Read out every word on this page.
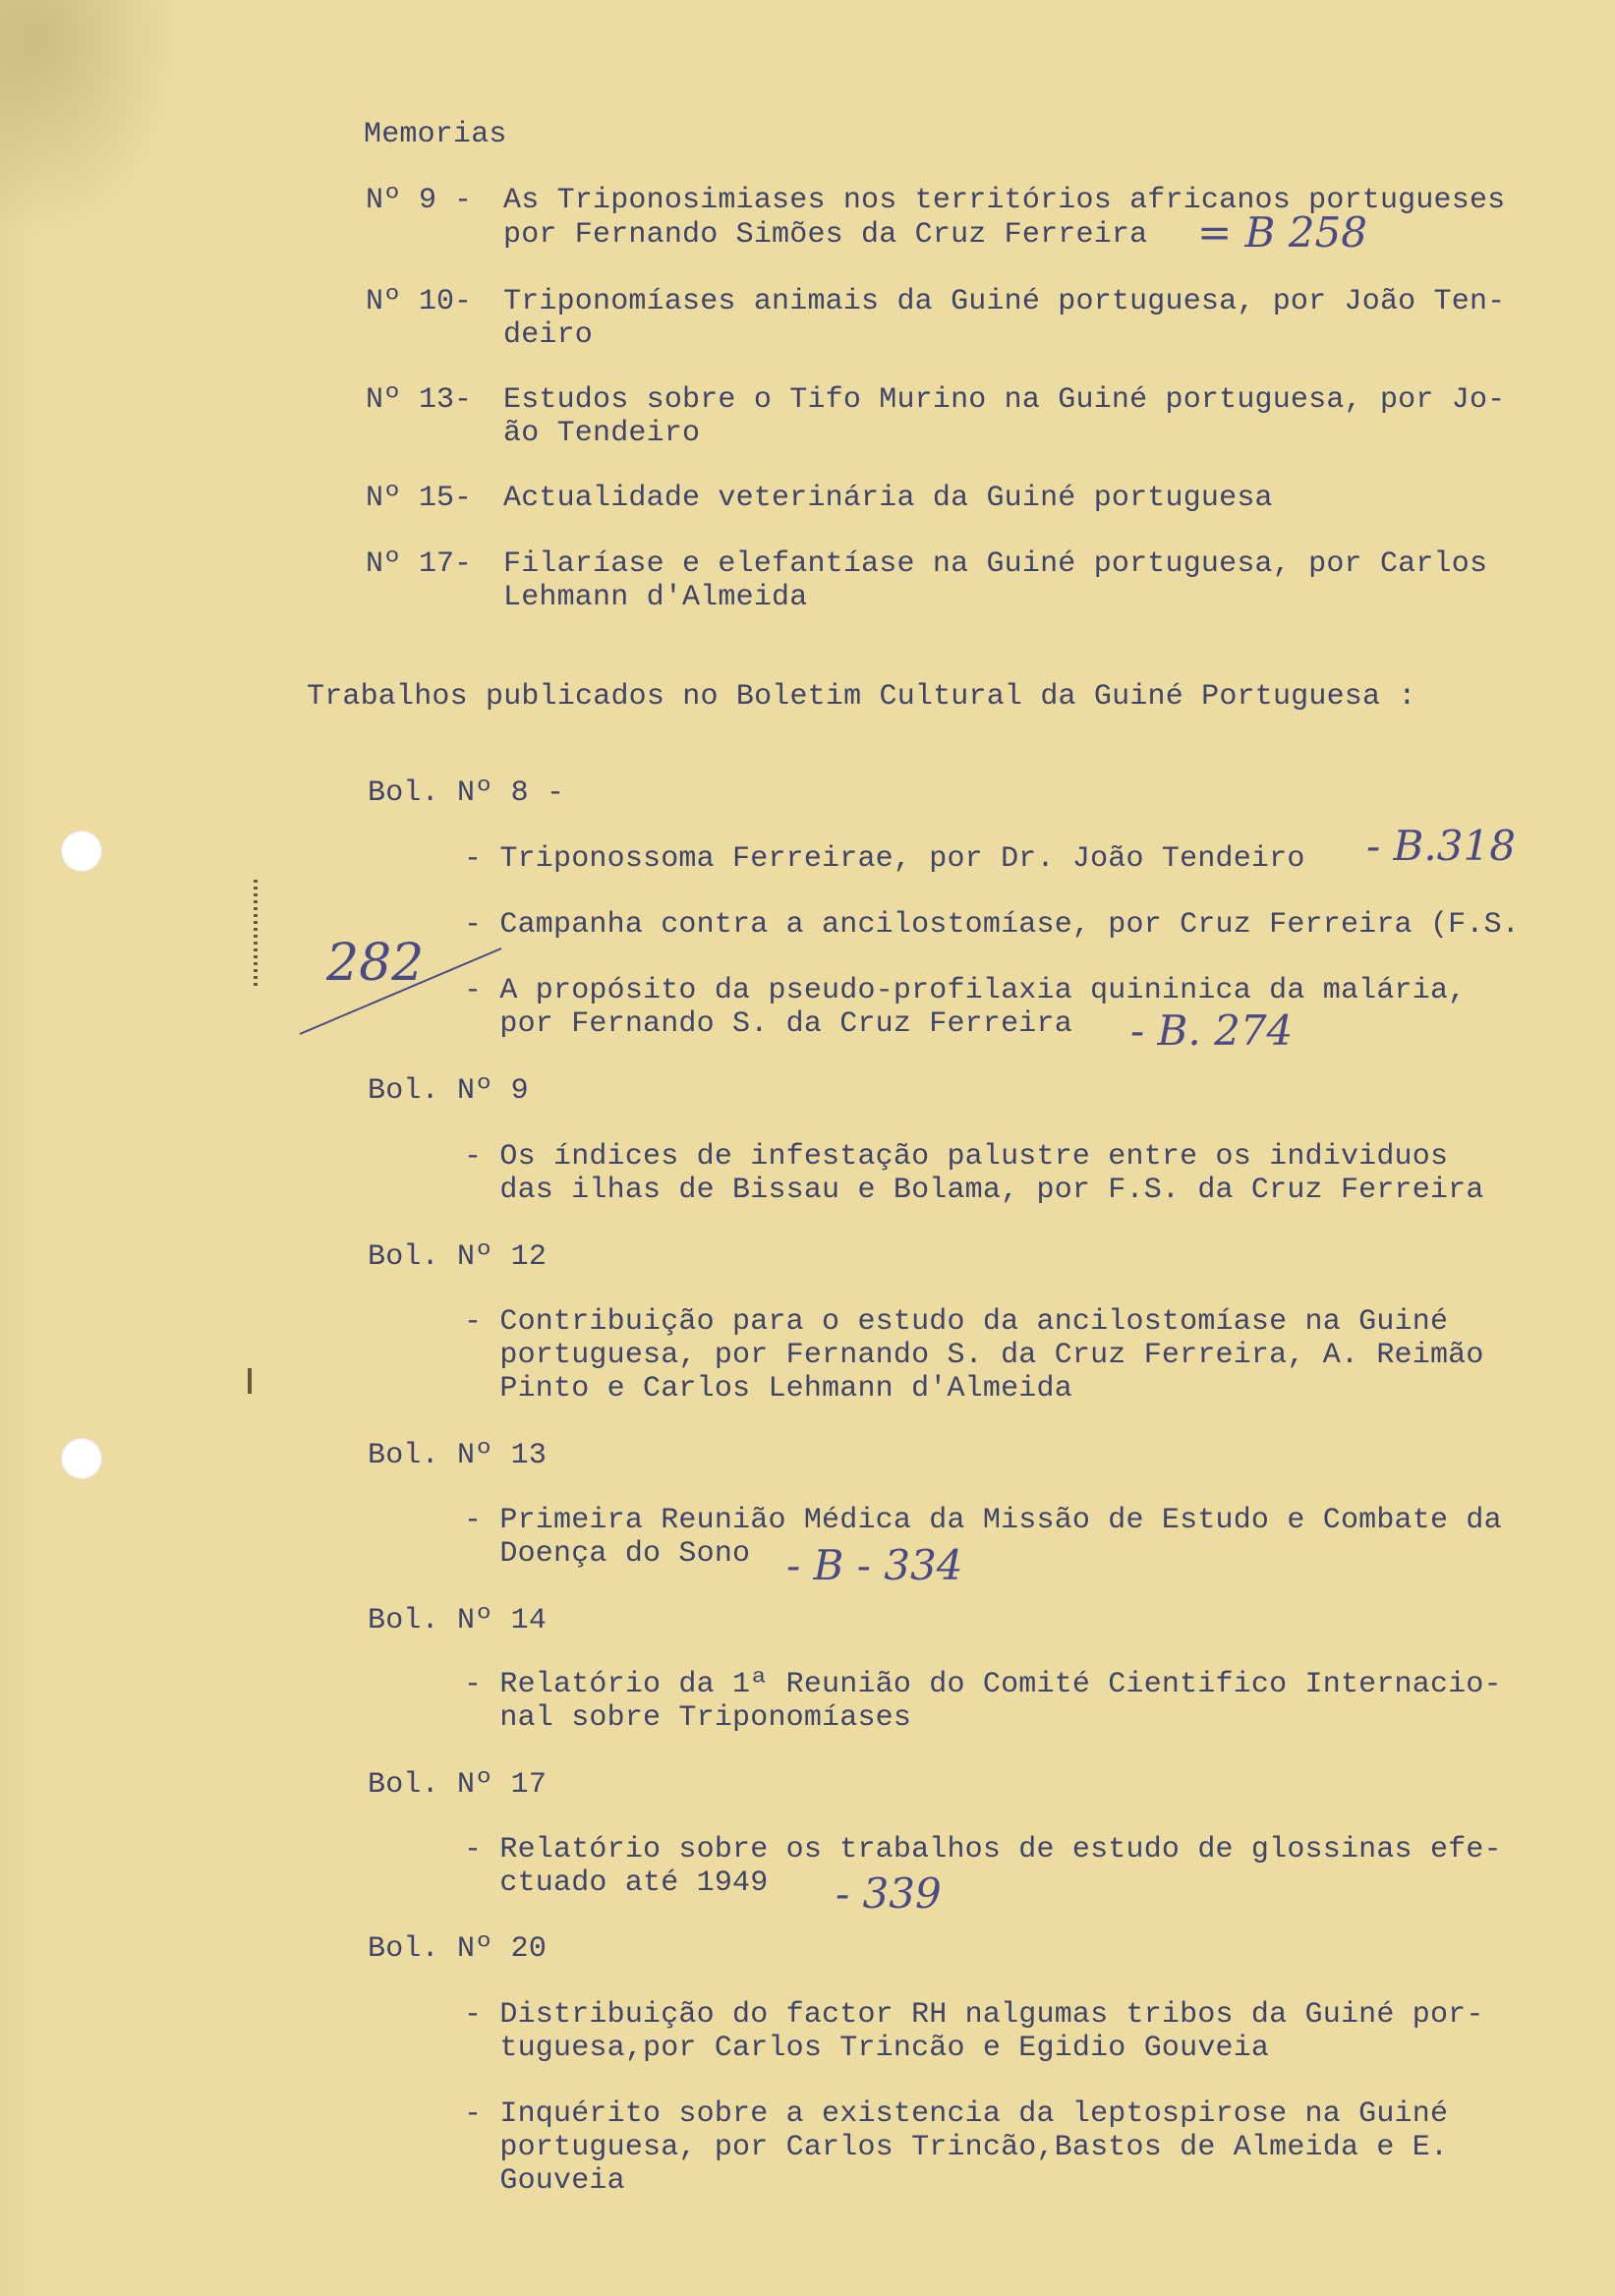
Memorias
Nº 9 - As Triponosimiases nos territórios africanos portugueses
por Fernando Simões da Cruz Ferreira
Nº 10- Triponomíases animais da Guiné portuguesa, por João Ten-
deiro
Nº 13- Estudos sobre o Tifo Murino na Guiné portuguesa, por Jo-
ão Tendeiro
Nº 15- Actualidade veterinária da Guiné portuguesa
Nº 17- Filaríase e elefantíase na Guiné portuguesa, por Carlos
Lehmann d'Almeida
Trabalhos publicados no Boletim Cultural da Guiné Portuguesa :
Bol. Nº 8 -
- Triponossoma Ferreirae, por Dr. João Tendeiro
- Campanha contra a ancilostomíase, por Cruz Ferreira (F.S.
- A propósito da pseudo-profilaxia quininica da malária,
por Fernando S. da Cruz Ferreira
Bol. Nº 9
- Os índices de infestação palustre entre os individuos
das ilhas de Bissau e Bolama, por F.S. da Cruz Ferreira
Bol. Nº 12
- Contribuição para o estudo da ancilostomíase na Guiné
portuguesa, por Fernando S. da Cruz Ferreira, A. Reimão
Pinto e Carlos Lehmann d'Almeida
Bol. Nº 13
- Primeira Reunião Médica da Missão de Estudo e Combate da
Doença do Sono
Bol. Nº 14
- Relatório da 1ª Reunião do Comité Cientifico Internacio-
nal sobre Triponomíases
Bol. Nº 17
- Relatório sobre os trabalhos de estudo de glossinas efe-
ctuado até 1949
Bol. Nº 20
- Distribuição do factor RH nalgumas tribos da Guiné por-
tuguesa,por Carlos Trincão e Egidio Gouveia
- Inquérito sobre a existencia da leptospirose na Guiné
portuguesa, por Carlos Trincão,Bastos de Almeida e E.
Gouveia
= B 258
- B.318
282
- B. 274
- B - 334
- 339
